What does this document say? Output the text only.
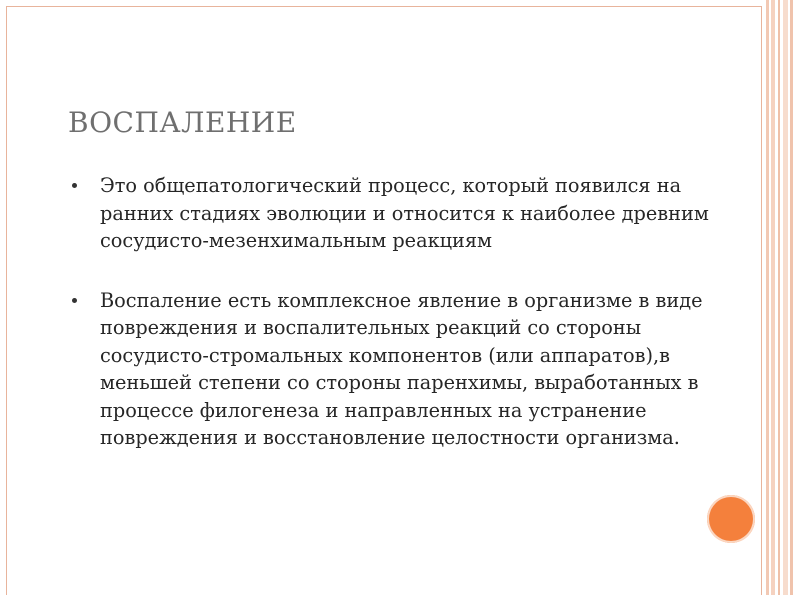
ВОСПАЛЕНИЕ
Это общепатологический процесс, который появился на ранних стадиях эволюции и относится к наиболее древним сосудисто-мезенхимальным реакциям
Воспаление есть комплексное явление в организме в виде повреждения и воспалительных реакций со стороны сосудисто-стромальных компонентов (или аппаратов),в меньшей степени со стороны паренхимы, выработанных в процессе филогенеза и направленных на устранение повреждения и восстановление целостности организма.
